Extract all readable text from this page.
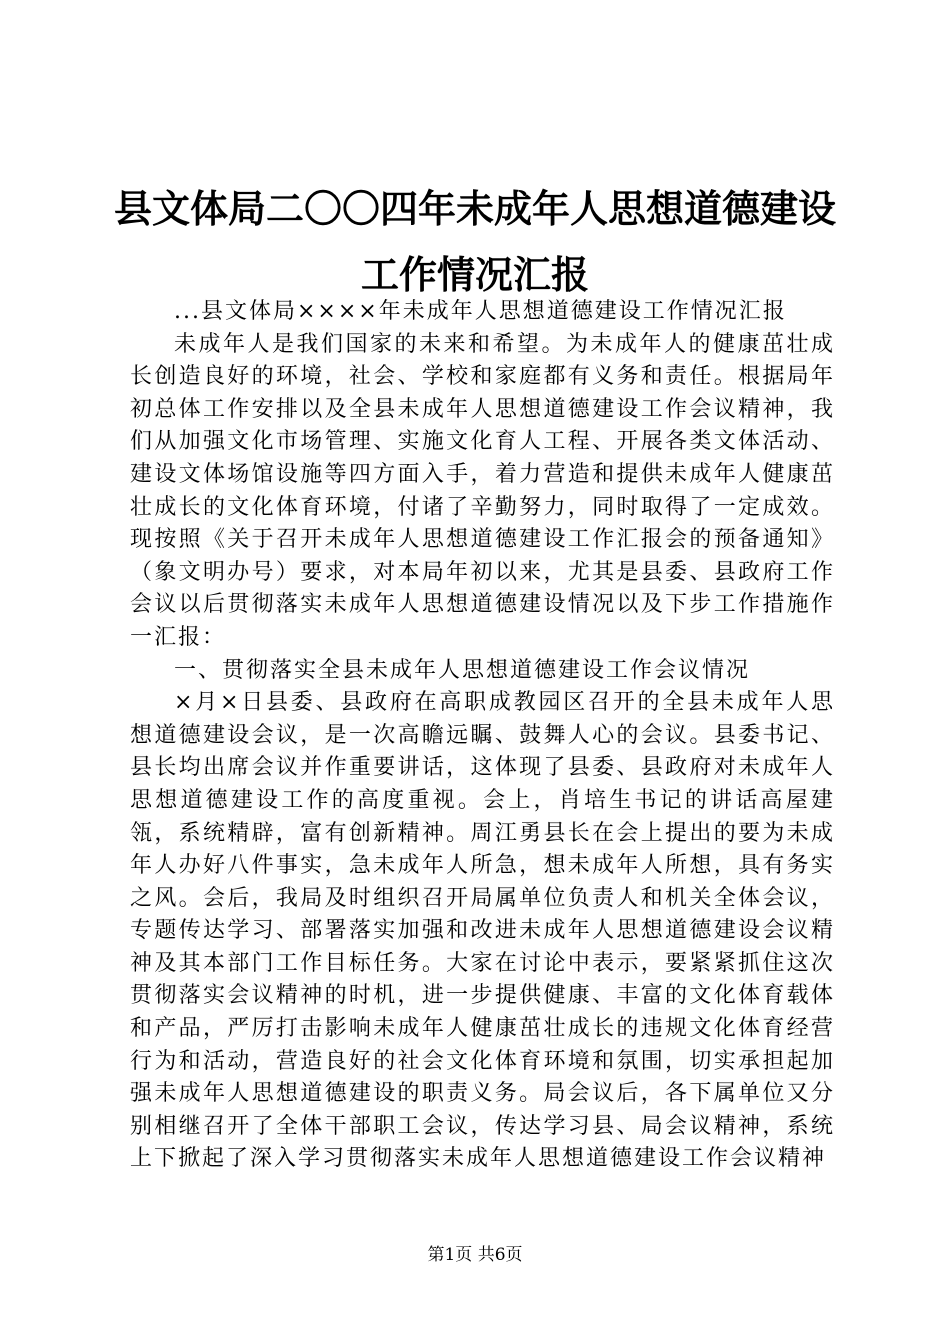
县文体局二〇〇四年未成年人思想道德建设工作情况汇报

...县文体局××××年未成年人思想道德建设工作情况汇报

未成年人是我们国家的未来和希望。为未成年人的健康茁壮成长创造良好的环境，社会、学校和家庭都有义务和责任。根据局年初总体工作安排以及全县未成年人思想道德建设工作会议精神，我们从加强文化市场管理、实施文化育人工程、开展各类文体活动、建设文体场馆设施等四方面入手，着力营造和提供未成年人健康茁壮成长的文化体育环境，付诸了辛勤努力，同时取得了一定成效。现按照《关于召开未成年人思想道德建设工作汇报会的预备通知》（象文明办号）要求，对本局年初以来，尤其是县委、县政府工作会议以后贯彻落实未成年人思想道德建设情况以及下步工作措施作一汇报：

一、贯彻落实全县未成年人思想道德建设工作会议情况

×月×日县委、县政府在高职成教园区召开的全县未成年人思想道德建设会议，是一次高瞻远瞩、鼓舞人心的会议。县委书记、县长均出席会议并作重要讲话，这体现了县委、县政府对未成年人思想道德建设工作的高度重视。会上，肖培生书记的讲话高屋建瓴，系统精辟，富有创新精神。周江勇县长在会上提出的要为未成年人办好八件事实，急未成年人所急，想未成年人所想，具有务实之风。会后，我局及时组织召开局属单位负责人和机关全体会议，专题传达学习、部署落实加强和改进未成年人思想道德建设会议精神及其本部门工作目标任务。大家在讨论中表示，要紧紧抓住这次贯彻落实会议精神的时机，进一步提供健康、丰富的文化体育载体和产品，严厉打击影响未成年人健康茁壮成长的违规文化体育经营行为和活动，营造良好的社会文化体育环境和氛围，切实承担起加强未成年人思想道德建设的职责义务。局会议后，各下属单位又分别相继召开了全体干部职工会议，传达学习县、局会议精神，系统上下掀起了深入学习贯彻落实未成年人思想道德建设工作会议精神

第1页 共6页
